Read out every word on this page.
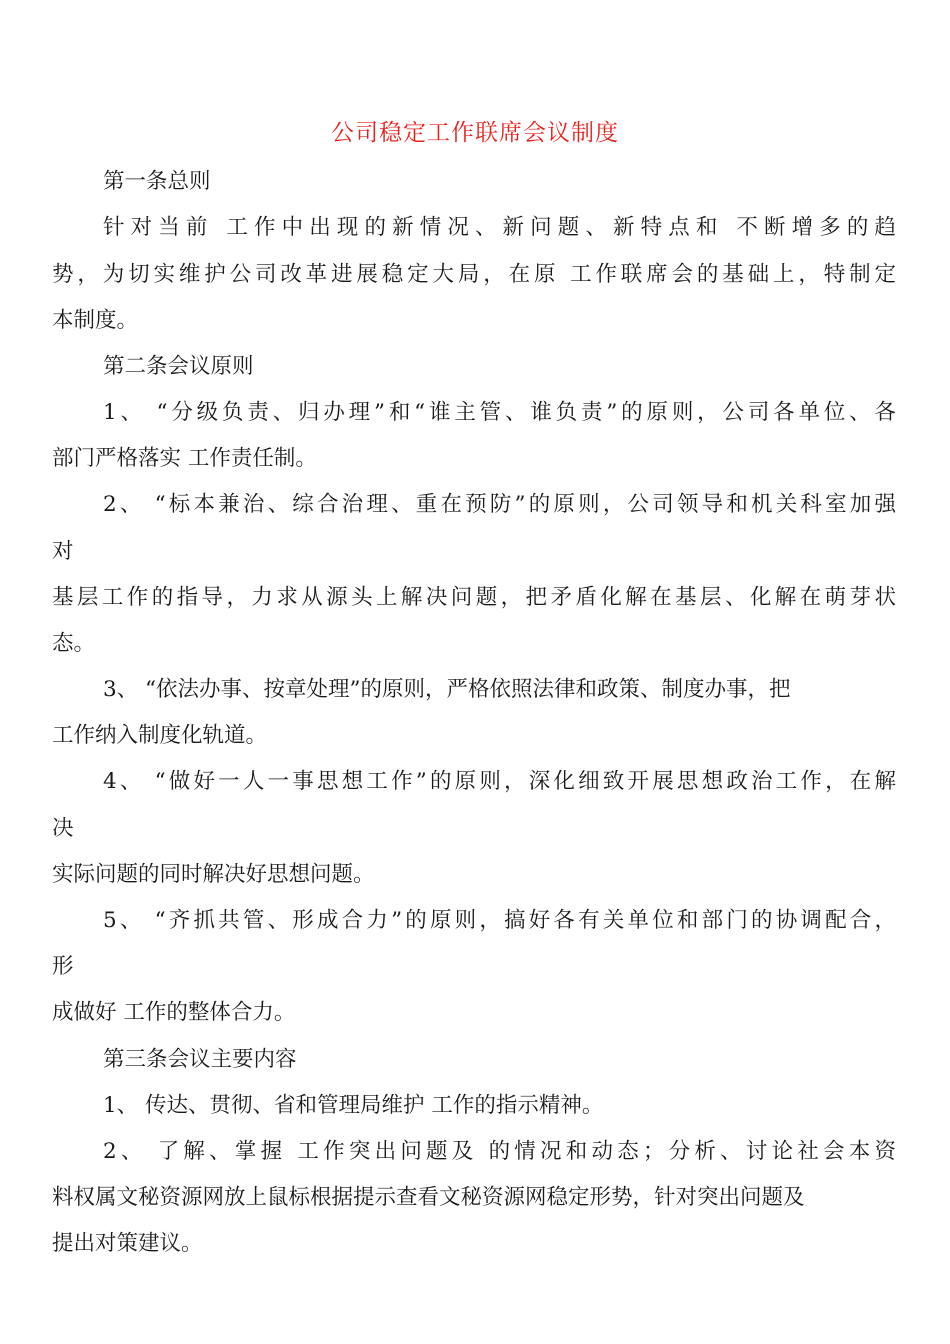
公司稳定工作联席会议制度
第一条总则
针对当前 工作中出现的新情况、新问题、新特点和 不断增多的趋
势，为切实维护公司改革进展稳定大局，在原 工作联席会的基础上，特制定
本制度。
第二条会议原则
1、 “分级负责、归办理”和“谁主管、谁负责”的原则，公司各单位、各
部门严格落实 工作责任制。
2、 “标本兼治、综合治理、重在预防”的原则，公司领导和机关科室加强
对
基层工作的指导，力求从源头上解决问题，把矛盾化解在基层、化解在萌芽状
态。
3、 “依法办事、按章处理”的原则，严格依照法律和政策、制度办事，把
工作纳入制度化轨道。
4、 “做好一人一事思想工作”的原则，深化细致开展思想政治工作，在解
决
实际问题的同时解决好思想问题。
5、 “齐抓共管、形成合力”的原则，搞好各有关单位和部门的协调配合，
形
成做好 工作的整体合力。
第三条会议主要内容
1、 传达、贯彻、省和管理局维护 工作的指示精神。
2、 了解、掌握 工作突出问题及 的情况和动态；分析、讨论社会本资
料权属文秘资源网放上鼠标根据提示查看文秘资源网稳定形势，针对突出问题及
提出对策建议。
